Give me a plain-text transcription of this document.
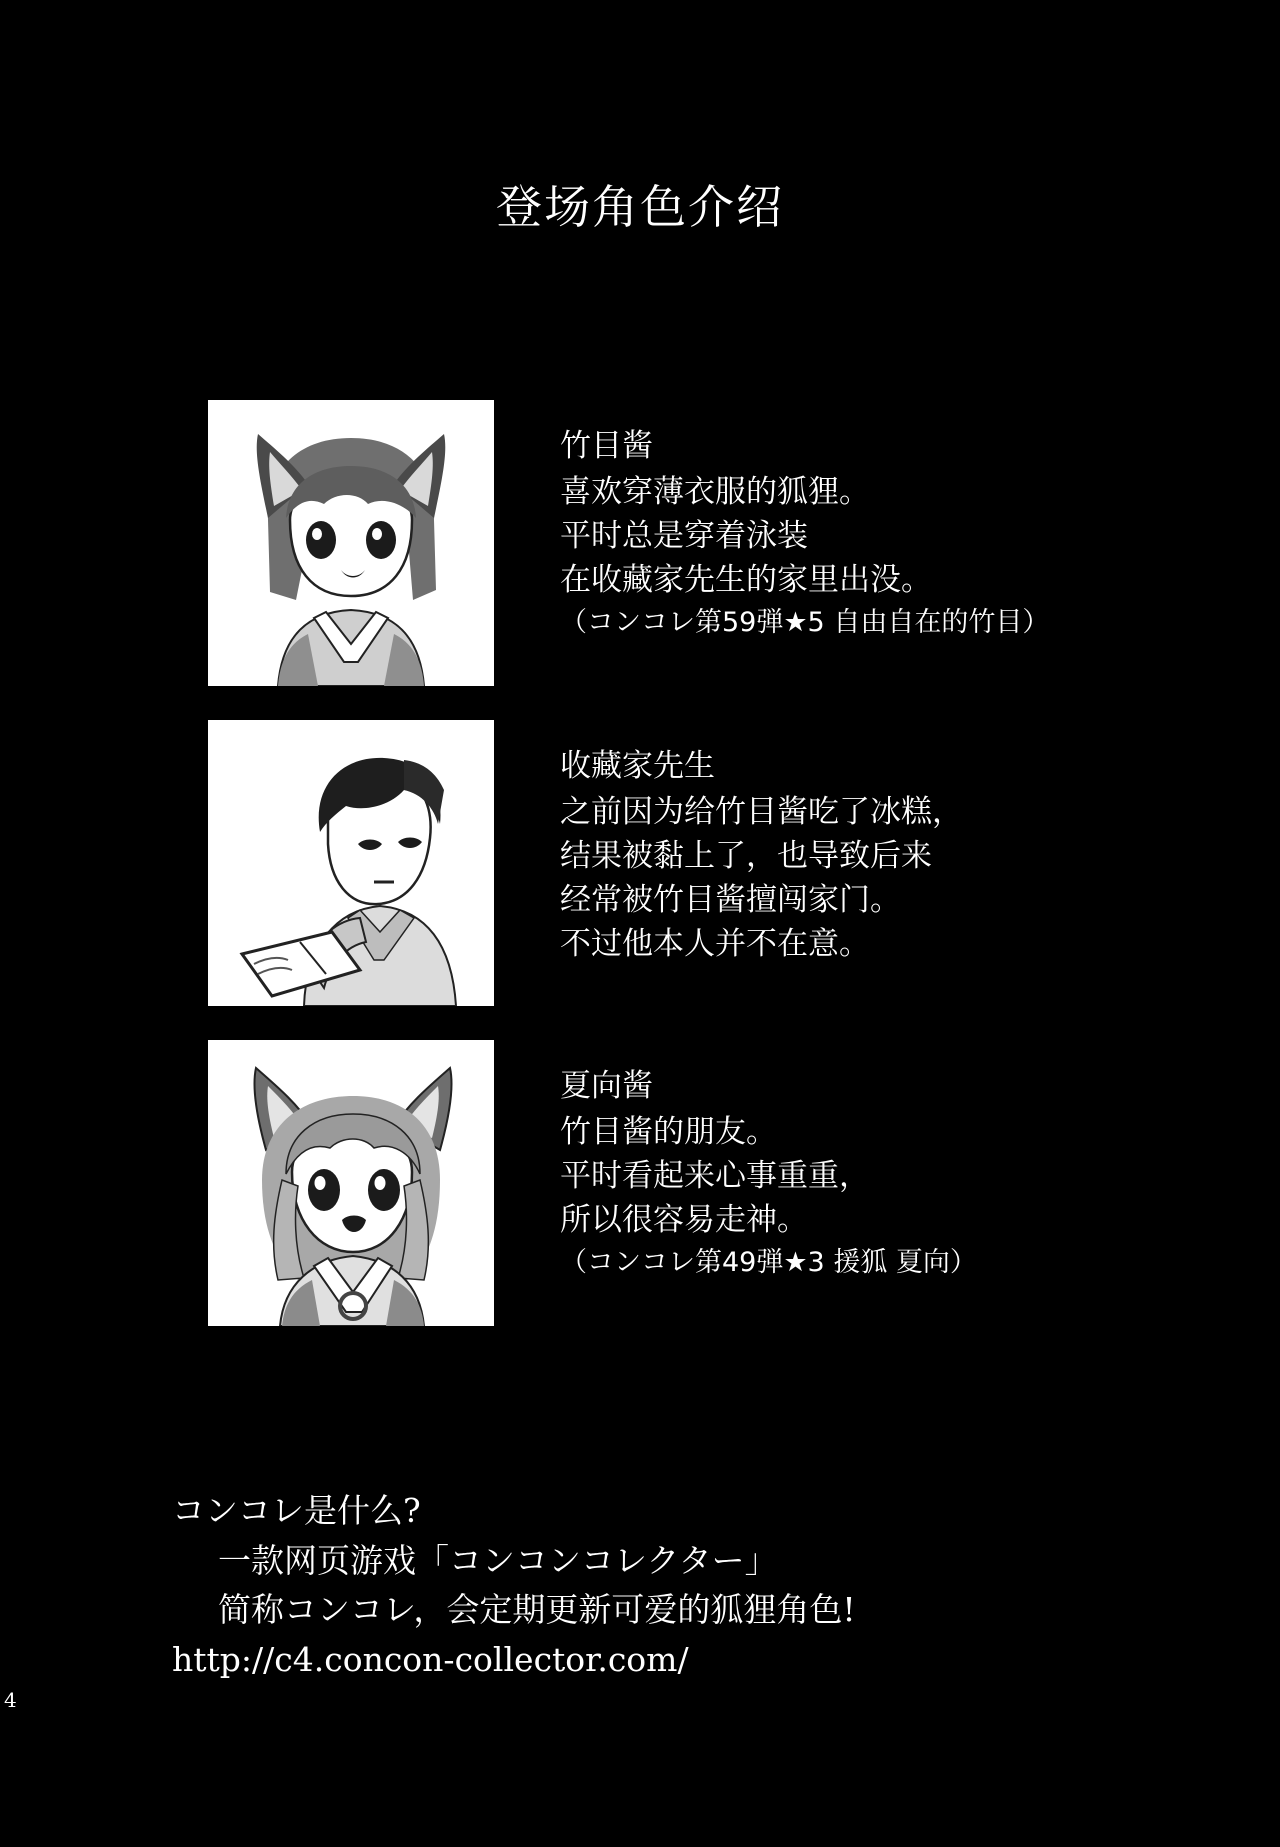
4
登场角色介绍
竹目酱
喜欢穿薄衣服的狐狸。
平时总是穿着泳装
在收藏家先生的家里出没。
（コンコレ第59弾★5 自由自在的竹目）
收藏家先生
之前因为给竹目酱吃了冰糕，
结果被黏上了，也导致后来
经常被竹目酱擅闯家门。
不过他本人并不在意。
夏向酱
竹目酱的朋友。
平时看起来心事重重，
所以很容易走神。
（コンコレ第49弾★3 援狐 夏向）
コンコレ是什么?
一款网页游戏「コンコンコレクター」
简称コンコレ，会定期更新可爱的狐狸角色!
http://c4.concon-collector.com/
